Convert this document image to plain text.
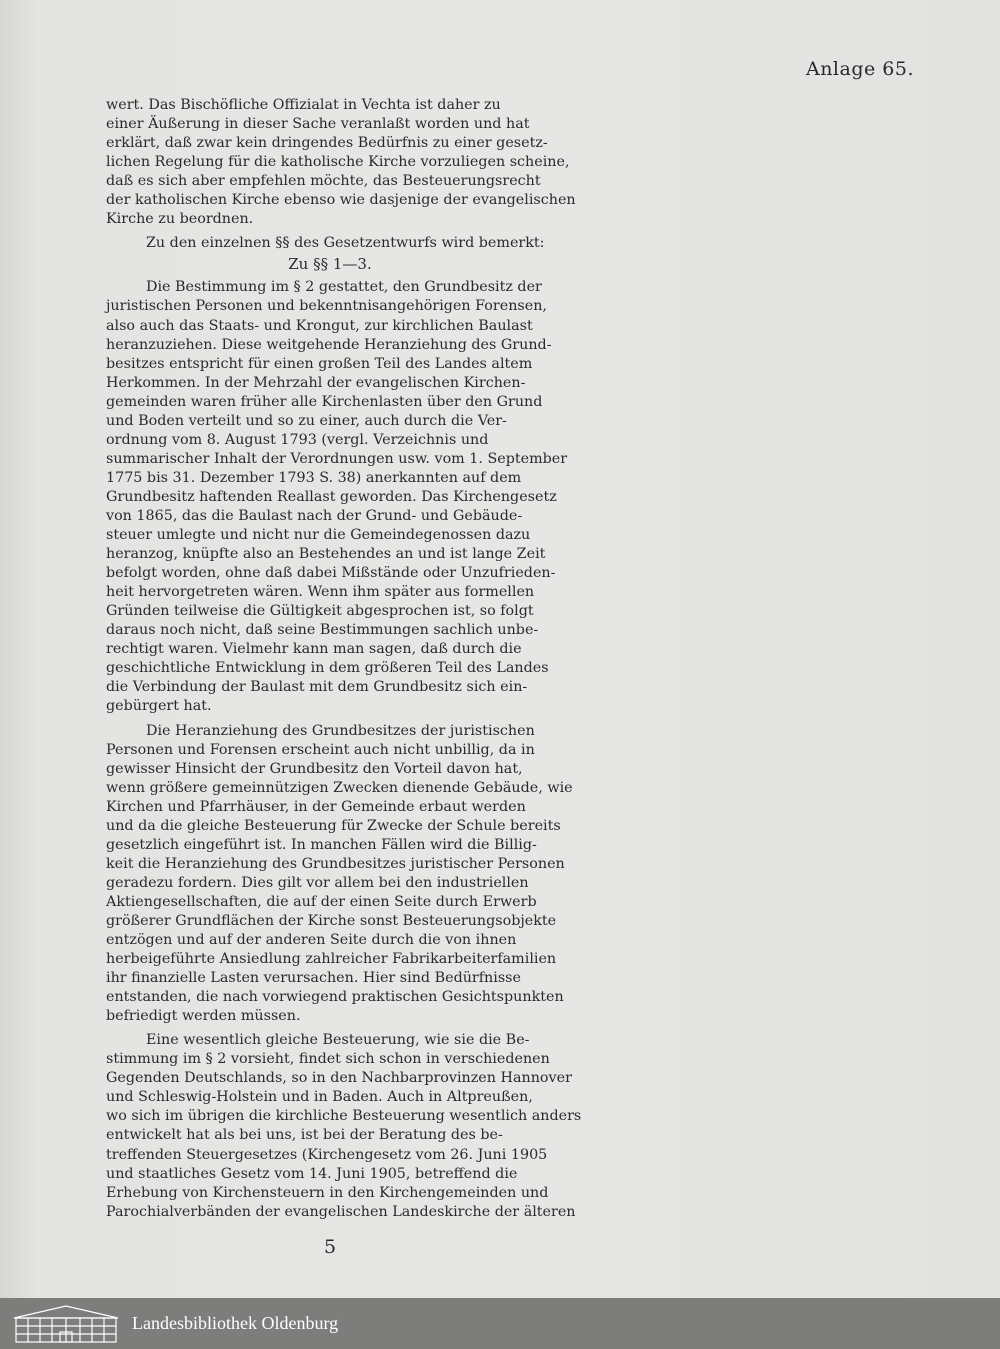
Anlage 65.

wert. Das Bischöfliche Offizialat in Vechta ist daher zu
einer Äußerung in dieser Sache veranlaßt worden und hat
erklärt, daß zwar kein dringendes Bedürfnis zu einer gesetz-
lichen Regelung für die katholische Kirche vorzuliegen scheine,
daß es sich aber empfehlen möchte, das Besteuerungsrecht
der katholischen Kirche ebenso wie dasjenige der evangelischen
Kirche zu beordnen.

Zu den einzelnen §§ des Gesetzentwurfs wird bemerkt:

Zu §§ 1—3.

Die Bestimmung im § 2 gestattet, den Grundbesitz der
juristischen Personen und bekenntnisangehörigen Forensen,
also auch das Staats- und Krongut, zur kirchlichen Baulast
heranzuziehen. Diese weitgehende Heranziehung des Grund-
besitzes entspricht für einen großen Teil des Landes altem
Herkommen. In der Mehrzahl der evangelischen Kirchen-
gemeinden waren früher alle Kirchenlasten über den Grund
und Boden verteilt und so zu einer, auch durch die Ver-
ordnung vom 8. August 1793 (vergl. Verzeichnis und
summarischer Inhalt der Verordnungen usw. vom 1. September
1775 bis 31. Dezember 1793 S. 38) anerkannten auf dem
Grundbesitz haftenden Reallast geworden. Das Kirchengesetz
von 1865, das die Baulast nach der Grund- und Gebäude-
steuer umlegte und nicht nur die Gemeindegenossen dazu
heranzog, knüpfte also an Bestehendes an und ist lange Zeit
befolgt worden, ohne daß dabei Mißstände oder Unzufrieden-
heit hervorgetreten wären. Wenn ihm später aus formellen
Gründen teilweise die Gültigkeit abgesprochen ist, so folgt
daraus noch nicht, daß seine Bestimmungen sachlich unbe-
rechtigt waren. Vielmehr kann man sagen, daß durch die
geschichtliche Entwicklung in dem größeren Teil des Landes
die Verbindung der Baulast mit dem Grundbesitz sich ein-
gebürgert hat.

Die Heranziehung des Grundbesitzes der juristischen
Personen und Forensen erscheint auch nicht unbillig, da in
gewisser Hinsicht der Grundbesitz den Vorteil davon hat,
wenn größere gemeinnützigen Zwecken dienende Gebäude, wie
Kirchen und Pfarrhäuser, in der Gemeinde erbaut werden
und da die gleiche Besteuerung für Zwecke der Schule bereits
gesetzlich eingeführt ist. In manchen Fällen wird die Billig-
keit die Heranziehung des Grundbesitzes juristischer Personen
geradezu fordern. Dies gilt vor allem bei den industriellen
Aktiengesellschaften, die auf der einen Seite durch Erwerb
größerer Grundflächen der Kirche sonst Besteuerungsobjekte
entzögen und auf der anderen Seite durch die von ihnen
herbeigeführte Ansiedlung zahlreicher Fabrikarbeiterfamilien
ihr finanzielle Lasten verursachen. Hier sind Bedürfnisse
entstanden, die nach vorwiegend praktischen Gesichtspunkten
befriedigt werden müssen.

Eine wesentlich gleiche Besteuerung, wie sie die Be-
stimmung im § 2 vorsieht, findet sich schon in verschiedenen
Gegenden Deutschlands, so in den Nachbarprovinzen Hannover
und Schleswig-Holstein und in Baden. Auch in Altpreußen,
wo sich im übrigen die kirchliche Besteuerung wesentlich anders
entwickelt hat als bei uns, ist bei der Beratung des be-
treffenden Steuergesetzes (Kirchengesetz vom 26. Juni 1905
und staatliches Gesetz vom 14. Juni 1905, betreffend die
Erhebung von Kirchensteuern in den Kirchengemeinden und
Parochialverbänden der evangelischen Landeskirche der älteren

5
Landesbibliothek Oldenburg
